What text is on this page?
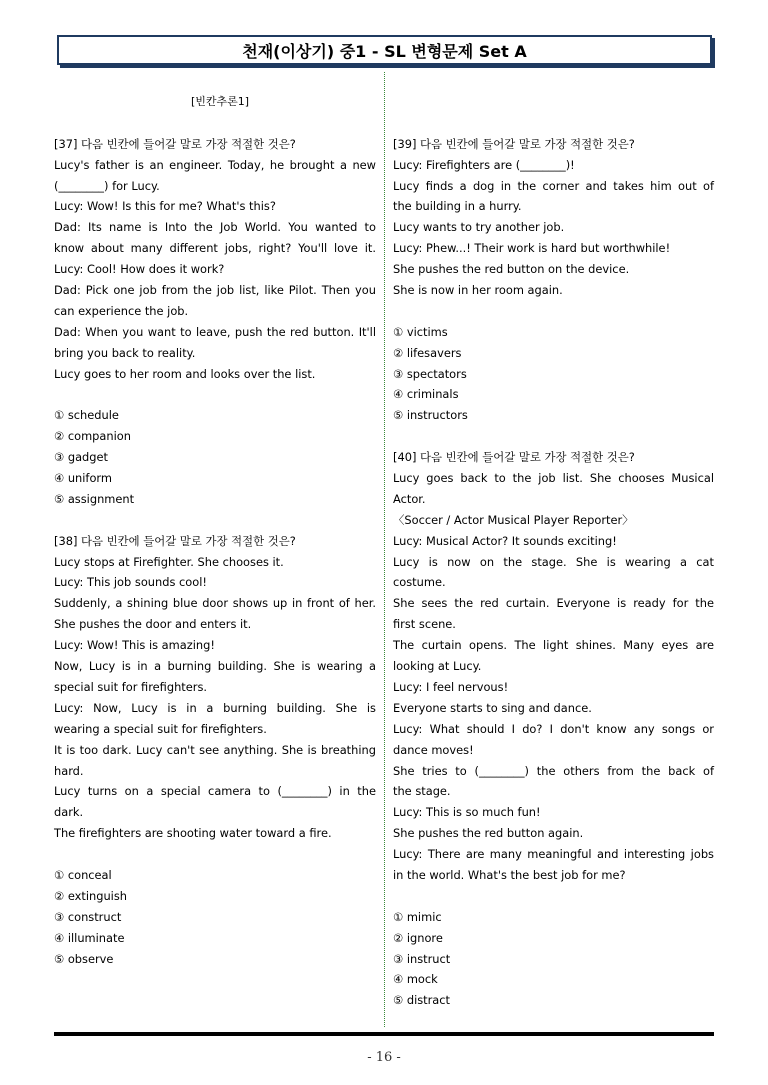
천재(이상기) 중1 - SL 변형문제 Set A
[빈칸추론1]
[37] 다음 빈칸에 들어갈 말로 가장 적절한 것은?
Lucy's father is an engineer. Today, he brought a new
(________) for Lucy.
Lucy: Wow! Is this for me? What's this?
Dad: Its name is Into the Job World. You wanted to
know about many different jobs, right? You'll love it.
Lucy: Cool! How does it work?
Dad: Pick one job from the job list, like Pilot. Then you
can experience the job.
Dad: When you want to leave, push the red button. It'll
bring you back to reality.
Lucy goes to her room and looks over the list.
① schedule
② companion
③ gadget
④ uniform
⑤ assignment
[38] 다음 빈칸에 들어갈 말로 가장 적절한 것은?
Lucy stops at Firefighter. She chooses it.
Lucy: This job sounds cool!
Suddenly, a shining blue door shows up in front of her.
She pushes the door and enters it.
Lucy: Wow! This is amazing!
Now, Lucy is in a burning building. She is wearing a
special suit for firefighters.
Lucy: Now, Lucy is in a burning building. She is
wearing a special suit for firefighters.
It is too dark. Lucy can't see anything. She is breathing
hard.
Lucy turns on a special camera to (________) in the
dark.
The firefighters are shooting water toward a fire.
① conceal
② extinguish
③ construct
④ illuminate
⑤ observe
[39] 다음 빈칸에 들어갈 말로 가장 적절한 것은?
Lucy: Firefighters are (________)!
Lucy finds a dog in the corner and takes him out of
the building in a hurry.
Lucy wants to try another job.
Lucy: Phew...! Their work is hard but worthwhile!
She pushes the red button on the device.
She is now in her room again.
① victims
② lifesavers
③ spectators
④ criminals
⑤ instructors
[40] 다음 빈칸에 들어갈 말로 가장 적절한 것은?
Lucy goes back to the job list. She chooses Musical
Actor.
〈Soccer / Actor Musical Player Reporter〉
Lucy: Musical Actor? It sounds exciting!
Lucy is now on the stage. She is wearing a cat
costume.
She sees the red curtain. Everyone is ready for the
first scene.
The curtain opens. The light shines. Many eyes are
looking at Lucy.
Lucy: I feel nervous!
Everyone starts to sing and dance.
Lucy: What should I do? I don't know any songs or
dance moves!
She tries to (________) the others from the back of
the stage.
Lucy: This is so much fun!
She pushes the red button again.
Lucy: There are many meaningful and interesting jobs
in the world. What's the best job for me?
① mimic
② ignore
③ instruct
④ mock
⑤ distract
- 16 -
